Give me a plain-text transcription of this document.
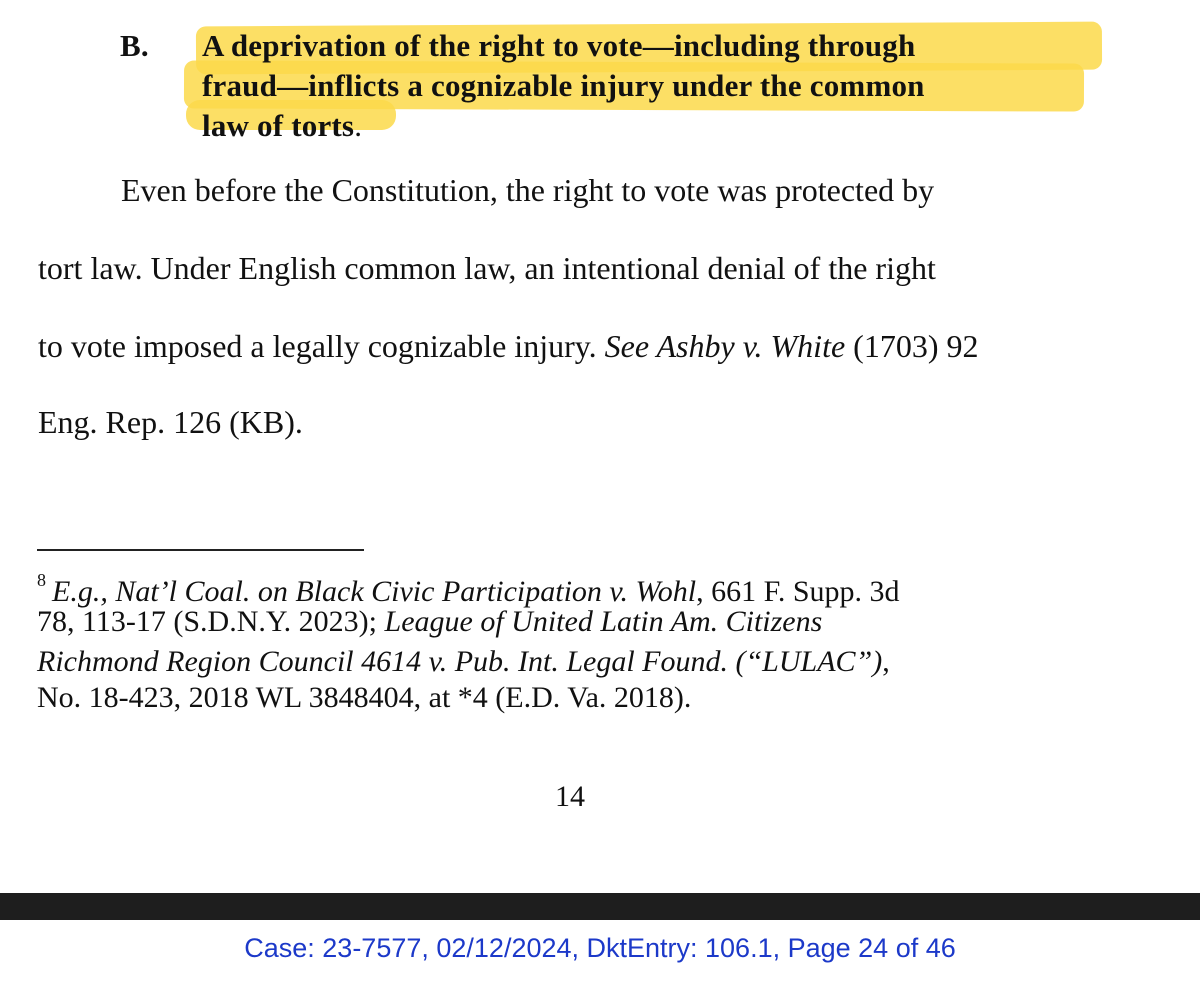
B. A deprivation of the right to vote—including through
fraud—inflicts a cognizable injury under the common
law of torts.
Even before the Constitution, the right to vote was protected by
tort law. Under English common law, an intentional denial of the right
to vote imposed a legally cognizable injury. See Ashby v. White (1703) 92
Eng. Rep. 126 (KB).
$^8$ E.g., Nat’l Coal. on Black Civic Participation v. Wohl, 661 F. Supp. 3d
78, 113-17 (S.D.N.Y. 2023); League of United Latin Am. Citizens
Richmond Region Council 4614 v. Pub. Int. Legal Found. (“LULAC”),
No. 18-423, 2018 WL 3848404, at *4 (E.D. Va. 2018).
14
Case: 23-7577, 02/12/2024, DktEntry: 106.1, Page 24 of 46
